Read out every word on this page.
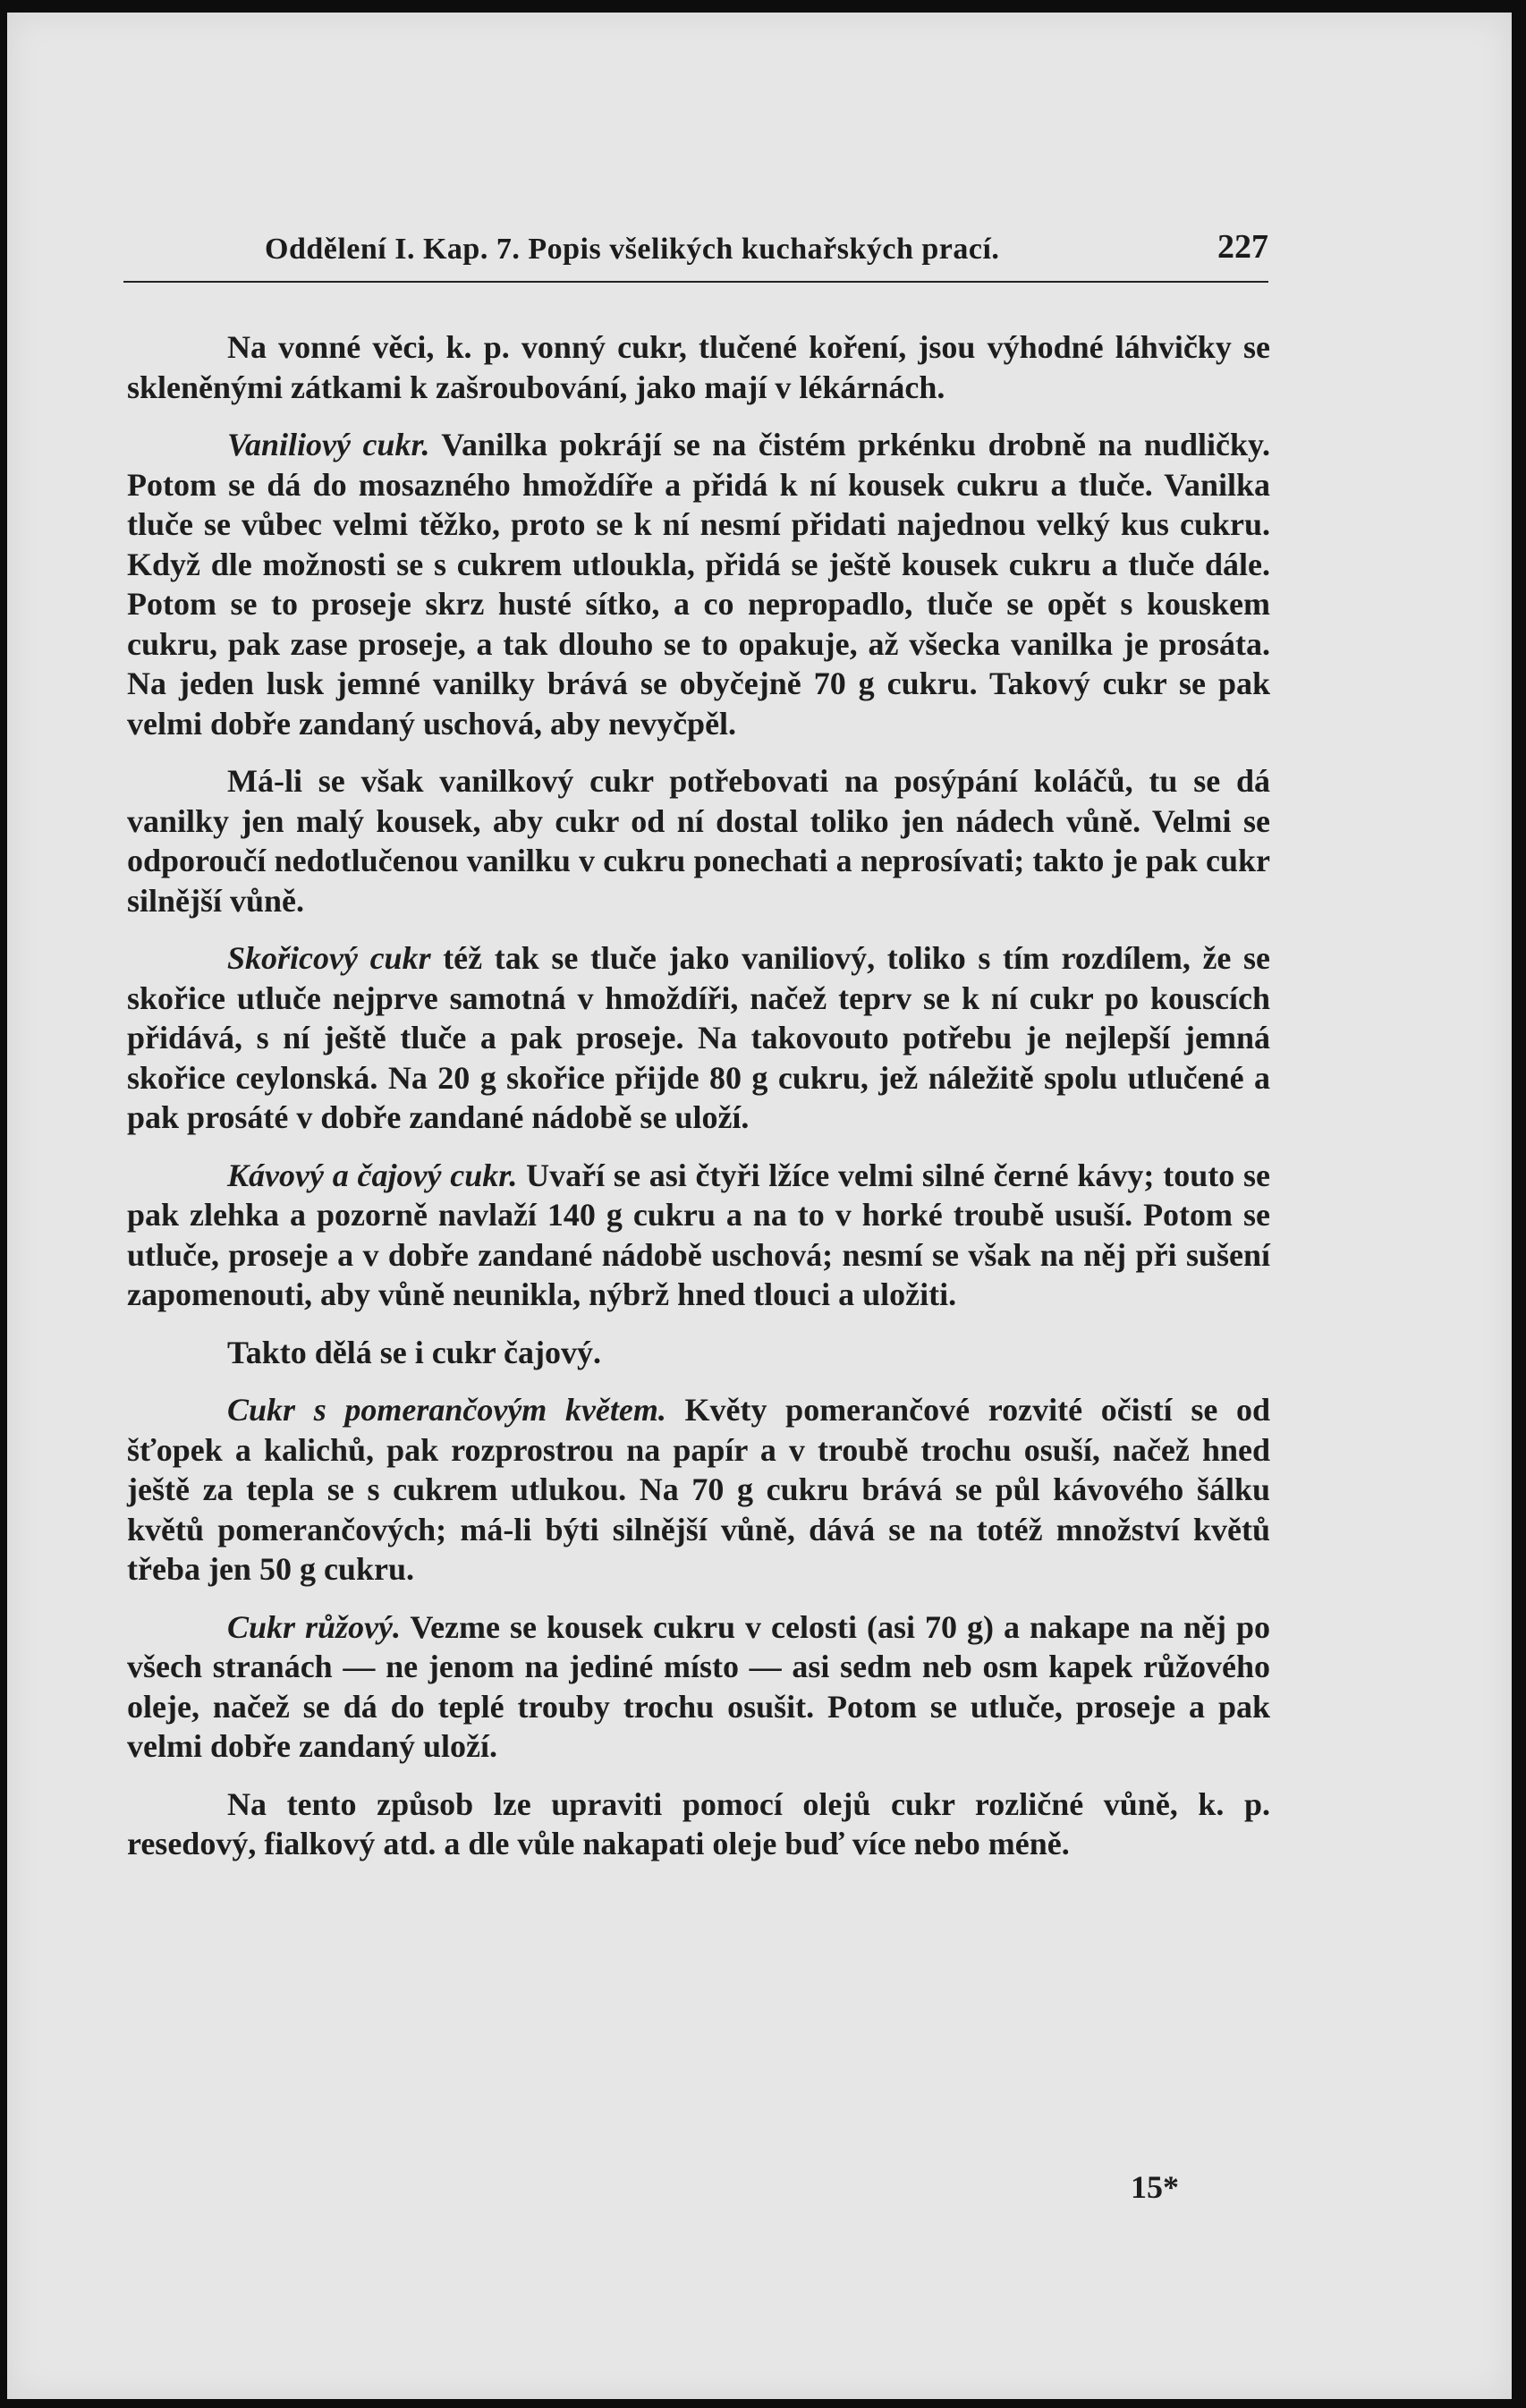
Oddělení I. Kap. 7. Popis všelikých kuchařských prací.	227

Na vonné věci, k. p. vonný cukr, tlučené koření, jsou výhodné láhvičky se skleněnými zátkami k zašroubování, jako mají v lékárnách.

Vaniliový cukr. Vanilka pokrájí se na čistém prkénku drobně na nudličky. Potom se dá do mosazného hmoždíře a přidá k ní kousek cukru a tluče. Vanilka tluče se vůbec velmi těžko, proto se k ní nesmí přidati najednou velký kus cukru. Když dle možnosti se s cukrem utloukla, přidá se ještě kousek cukru a tluče dále. Potom se to proseje skrz husté sítko, a co nepropadlo, tluče se opět s kouskem cukru, pak zase proseje, a tak dlouho se to opakuje, až všecka vanilka je prosáta. Na jeden lusk jemné vanilky brává se obyčejně 70 g cukru. Takový cukr se pak velmi dobře zandaný uschová, aby nevyčpěl.

Má-li se však vanilkový cukr potřebovati na posýpání koláčů, tu se dá vanilky jen malý kousek, aby cukr od ní dostal toliko jen nádech vůně. Velmi se odporoučí nedotlučenou vanilku v cukru ponechati a neprosívati; takto je pak cukr silnější vůně.

Skořicový cukr též tak se tluče jako vaniliový, toliko s tím rozdílem, že se skořice utluče nejprve samotná v hmoždíři, načež teprv se k ní cukr po kouscích přidává, s ní ještě tluče a pak proseje. Na takovouto potřebu je nejlepší jemná skořice ceylonská. Na 20 g skořice přijde 80 g cukru, jež náležitě spolu utlučené a pak prosáté v dobře zandané nádobě se uloží.

Kávový a čajový cukr. Uvaří se asi čtyři lžíce velmi silné černé kávy; touto se pak zlehka a pozorně navlaží 140 g cukru a na to v horké troubě usuší. Potom se utluče, proseje a v dobře zandané nádobě uschová; nesmí se však na něj při sušení zapomenouti, aby vůně neunikla, nýbrž hned tlouci a uložiti.

Takto dělá se i cukr čajový.

Cukr s pomerančovým květem. Květy pomerančové rozvité očistí se od šťopek a kalichů, pak rozprostrou na papír a v troubě trochu osuší, načež hned ještě za tepla se s cukrem utlukou. Na 70 g cukru brává se půl kávového šálku květů pomerančových; má-li býti silnější vůně, dává se na totéž množství květů třeba jen 50 g cukru.

Cukr růžový. Vezme se kousek cukru v celosti (asi 70 g) a nakape na něj po všech stranách — ne jenom na jediné místo — asi sedm neb osm kapek růžového oleje, načež se dá do teplé trouby trochu osušit. Potom se utluče, proseje a pak velmi dobře zandaný uloží.

Na tento způsob lze upraviti pomocí olejů cukr rozličné vůně, k. p. resedový, fialkový atd. a dle vůle nakapati oleje buď více nebo méně.

15*
